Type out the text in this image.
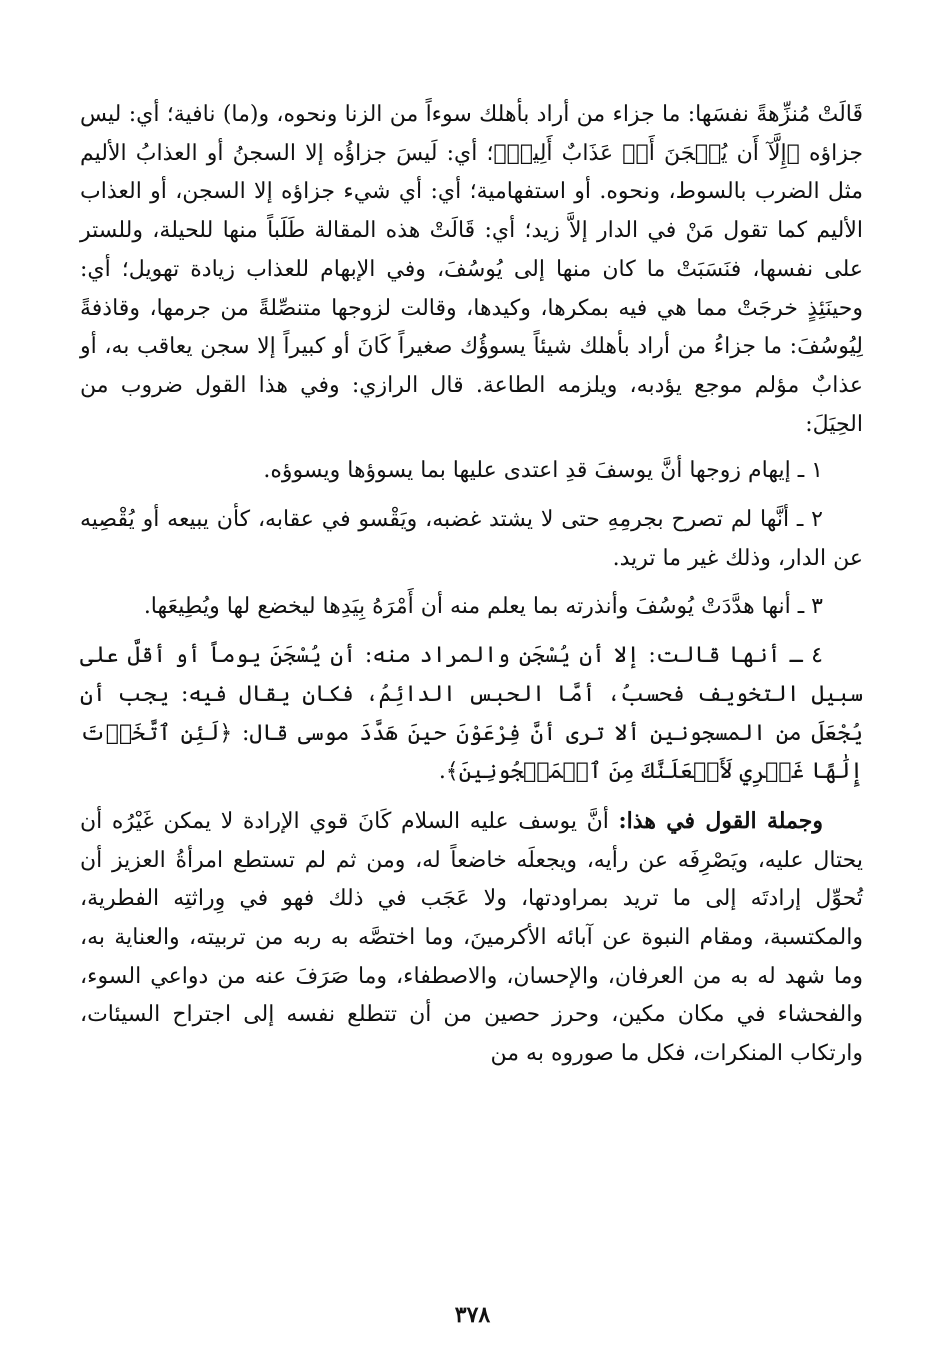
قَالَتْ مُنزِّهةً نفسَها: ما جزاء من أراد بأهلك سوءاً من الزنا ونحوه، و(ما) نافية؛ أي: ليس جزاؤه ﴿إِلَّآ أَن يُسۡجَنَ أَوۡ عَذَابٌ أَلِيمٞ﴾؛ أي: لَيسَ جزاؤُه إلا السجنُ أو العذابُ الأليم مثل الضرب بالسوط، ونحوه. أو استفهامية؛ أي: أي شيء جزاؤه إلا السجن، أو العذاب الأليم كما تقول مَنْ في الدار إلاَّ زيد؛ أي: قَالَتْ هذه المقالة طَلَباً منها للحيلة، وللستر على نفسها، فنَسَبَتْ ما كان منها إلى يُوسُفَ، وفي الإبهام للعذاب زيادة تهويل؛ أي: وحينَئِذٍ خرجَتْ مما هي فيه بمكرها، وكيدها، وقالت لزوجها متنصِّلةً من جرمها، وقاذفةً لِيُوسُفَ: ما جزاءُ من أراد بأهلك شيئاً يسوؤُك صغيراً كَانَ أو كبيراً إلا سجن يعاقب به، أو عذابٌ مؤلم موجع يؤدبه، ويلزمه الطاعة. قال الرازي: وفي هذا القول ضروب من الحِيَلَ:

١ ـ إيهام زوجها أنَّ يوسفَ قدِ اعتدى عليها بما يسوؤها ويسوؤه.

٢ ـ أنَّها لم تصرح بجرمِهِ حتى لا يشتد غضبه، ويَقْسو في عقابه، كأن يبيعه أو يُقْصِيه عن الدار، وذلك غير ما تريد.

٣ ـ أنها هدَّدَتْ يُوسُفَ وأنذرته بما يعلم منه أن أَمْرَهُ بِيَدِها ليخضع لها ويُطِيعَها.

٤ ـ أنها قالت: إلا أن يُسْجَن والمراد منه: أن يُسْجَنَ يوماً أو أقلَّ على سبيل التخويف فحسبُ، أمَّا الحبس الدائِمُ، فكان يقال فيه: يجب أن يُجْعَلَ من المسجونين ألا ترى أنَّ فِرْعَوْنَ حينَ هَدَّدَ موسى قال: ﴿لَئِنِ ٱتَّخَذۡتَ إِلَٰهًا غَيۡرِي لَأَجۡعَلَنَّكَ مِنَ ٱلۡمَسۡجُونِينَ﴾.

وجملة القول في هذا: أنَّ يوسف عليه السلام كَانَ قوي الإرادة لا يمكن غَيْرُه أن يحتال عليه، ويَصْرِفَه عن رأيه، ويجعلَه خاضعاً له، ومن ثم لم تستطع امرأةُ العزيز أن تُحوِّل إرادتَه إلى ما تريد بمراودتها، ولا عَجَب في ذلك فهو في وِراثتِه الفطرية، والمكتسبة، ومقام النبوة عن آبائه الأكرمينَ، وما اختصَّه به ربه من تربيته، والعناية به، وما شهد له به من العرفان، والإحسان، والاصطفاء، وما صَرَفَ عنه من دواعي السوء، والفحشاء في مكان مكين، وحرز حصين من أن تتطلع نفسه إلى اجتراح السيئات، وارتكاب المنكرات، فكل ما صوروه به من

٣٧٨
